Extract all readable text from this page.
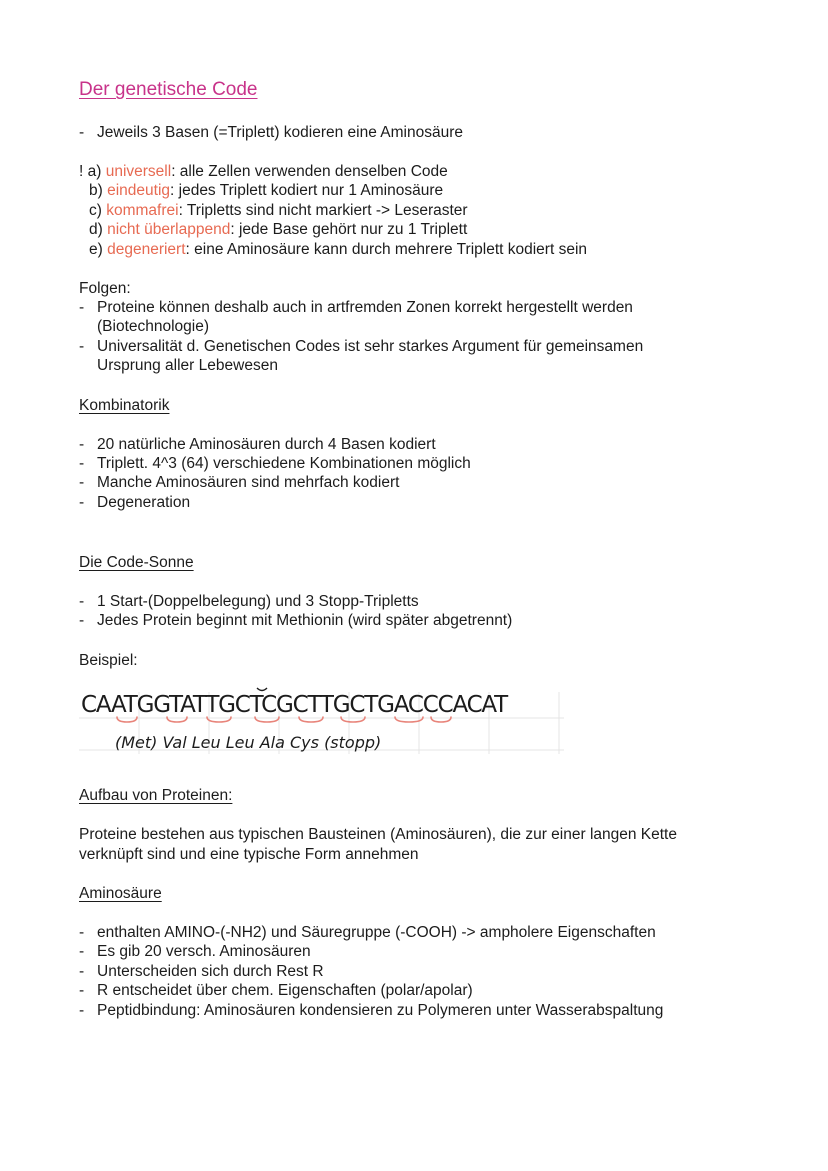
Der genetische Code
- Jeweils 3 Basen (=Triplett) kodieren eine Aminosäure
! a) universell: alle Zellen verwenden denselben Code
b) eindeutig: jedes Triplett kodiert nur 1 Aminosäure
c) kommafrei: Tripletts sind nicht markiert -> Leseraster
d) nicht überlappend: jede Base gehört nur zu 1 Triplett
e) degeneriert: eine Aminosäure kann durch mehrere Triplett kodiert sein
Folgen:
- Proteine können deshalb auch in artfremden Zonen korrekt hergestellt werden
(Biotechnologie)
- Universalität d. Genetischen Codes ist sehr starkes Argument für gemeinsamen
Ursprung aller Lebewesen
Kombinatorik
- 20 natürliche Aminosäuren durch 4 Basen kodiert
- Triplett. 4^3 (64) verschiedene Kombinationen möglich
- Manche Aminosäuren sind mehrfach kodiert
- Degeneration
Die Code-Sonne
- 1 Start-(Doppelbelegung) und 3 Stopp-Tripletts
- Jedes Protein beginnt mit Methionin (wird später abgetrennt)
Beispiel:
CAATGGTATTGCTCGCTTGCTGACCCACAT
(Met) Val Leu Leu Ala Cys (stopp)
Aufbau von Proteinen:
Proteine bestehen aus typischen Bausteinen (Aminosäuren), die zur einer langen Kette
verknüpft sind und eine typische Form annehmen
Aminosäure
- enthalten AMINO-(-NH2) und Säuregruppe (-COOH) -> ampholere Eigenschaften
- Es gib 20 versch. Aminosäuren
- Unterscheiden sich durch Rest R
- R entscheidet über chem. Eigenschaften (polar/apolar)
- Peptidbindung: Aminosäuren kondensieren zu Polymeren unter Wasserabspaltung
